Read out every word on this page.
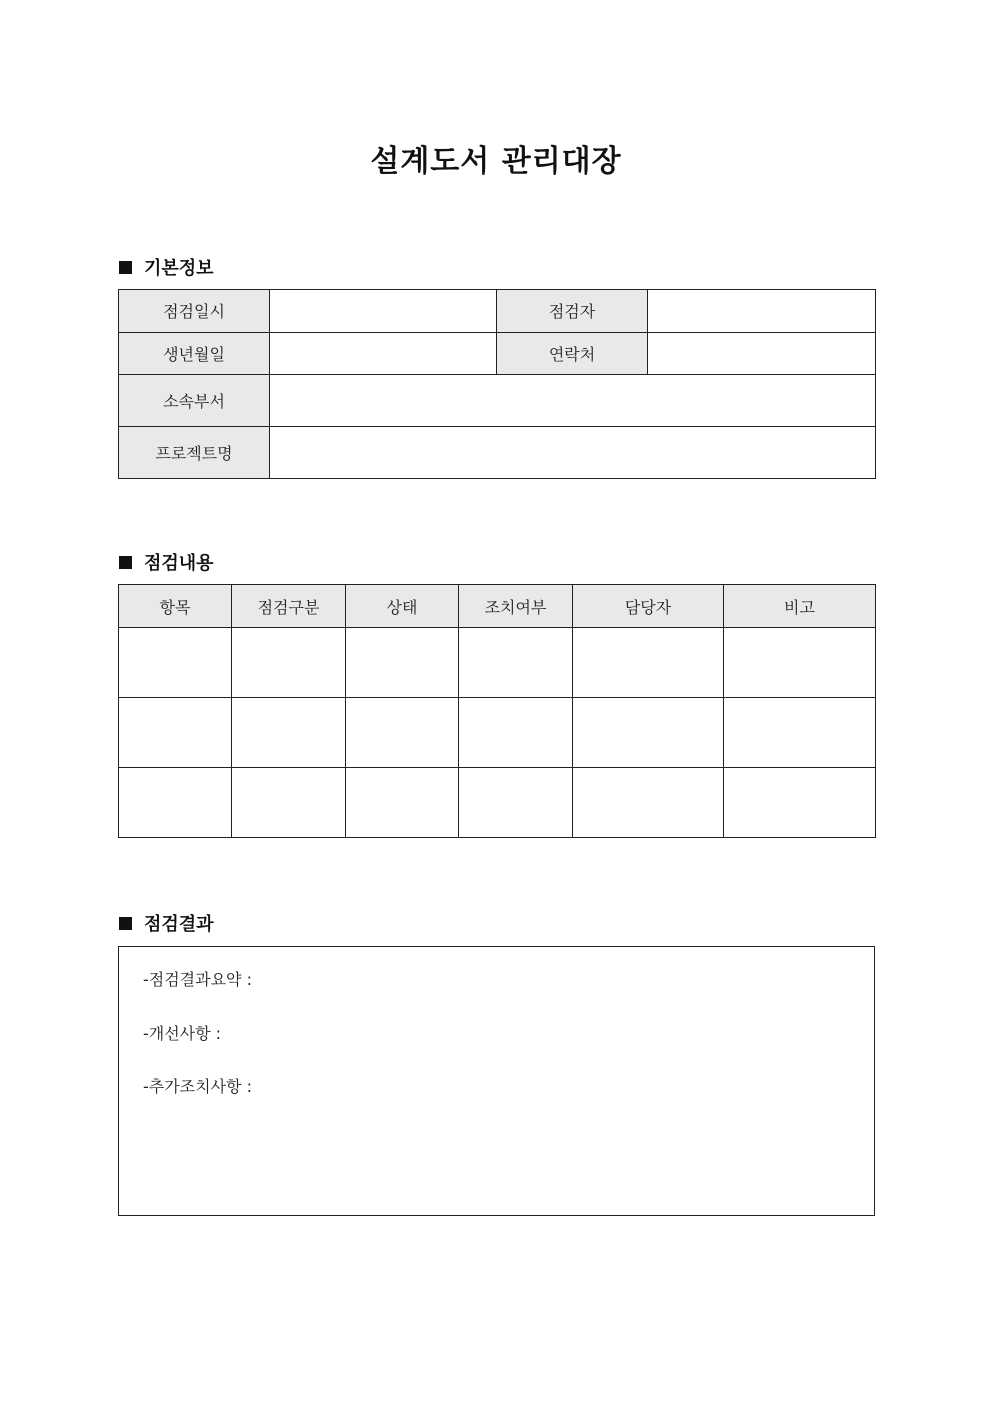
설계도서 관리대장
기본정보
점검일시		점검자	
생년월일		연락처	
소속부서			
프로젝트명			
점검내용
항목	점검구분	상태	조치여부	담당자	비고

점검결과
-점검결과요약 :
-개선사항 :
-추가조치사항 :
